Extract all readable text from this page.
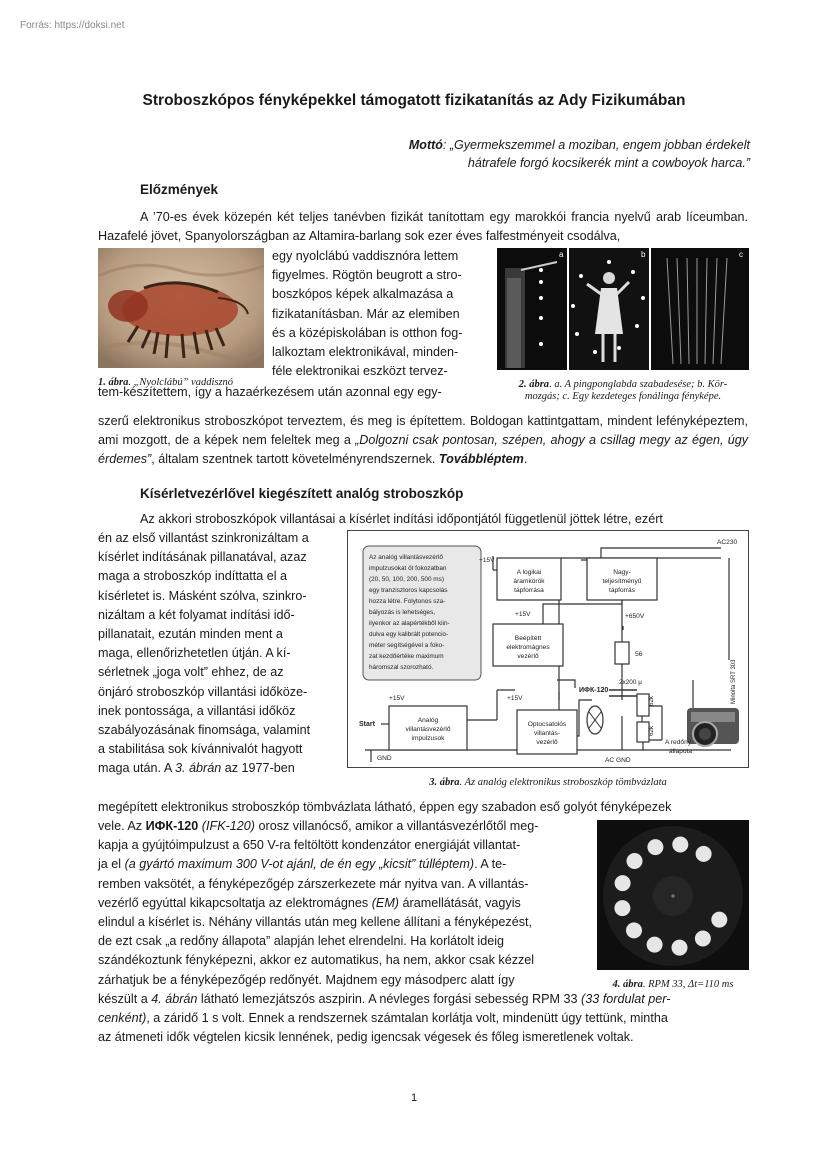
Forrás: https://doksi.net
Stroboszkópos fényképekkel támogatott fizikatanítás az Ady Fizikumában
Mottó: „Gyermekszemmel a moziban, engem jobban érdekelt
hátrafele forgó kocsikerék mint a cowboyok harca.”
Előzmények

A ’70-es évek közepén két teljes tanévben fizikát tanítottam egy marokkói francia nyelvű arab líceumban. Hazafelé jövet, Spanyolországban az Altamira-barlang sok ezer éves falfestményeit csodálva,

1. ábra. „Nyolclábú” vaddisznó

egy nyolclábú vaddisznóra lettem

figyelmes. Rögtön beugrott a stro-

boszkópos képek alkalmazása a

fizikatanításban. Már az elemiben

és a középiskolában is otthon fog-

lalkoztam elektronikával, minden-

féle elektronikai eszközt tervez-

a	b	c
2. ábra. a. A pingponglabda szabadesése; b. Kör-
mozgás; c. Egy kezdeteges fonálinga fényképe.

tem-készítettem, így a hazaérkezésem után azonnal egy egy-

szerű elektronikus stroboszkópot terveztem, és meg is építettem. Boldogan kattintgattam, mindent lefényképeztem, ami mozgott, de a képek nem feleltek meg a „Dolgozni csak pontosan, szépen, ahogy a csillag megy az égen, úgy érdemes”, általam szentnek tartott követelményrendszernek. Továbbléptem.

Kísérletvezérlővel kiegészített analóg stroboszkóp

Az akkori stroboszkópok villantásai a kísérlet indítási időpontjától függetlenül jöttek létre, ezért

én az első villantást szinkronizáltam a

kísérlet indításának pillanatával, azaz

maga a stroboszkóp indíttatta el a

kísérletet is. Másként szólva, szinkro-

nizáltam a két folyamat indítási idő-

pillanatait, ezután minden ment a

maga, ellenőrizhetetlen útján. A kí-

sérletnek „joga volt” ehhez, de az

önjáró stroboszkóp villantási időköze-

inek pontossága, a villantási időköz

szabályozásának finomsága, valamint

a stabilitása sok kívánnivalót hagyott

maga után. A 3. ábrán az 1977-ben

Az analóg villantásvezérlő
impulzusokat öt fokozatban
(20, 50, 100, 200, 500 ms)
egy tranzisztoros kapcsolás
hozza létre. Folytonos sza-
bályozás is lehetséges,
ilyenkor az alapértékből kiin-
dulva egy kalibrált potencio-
méter segítségével a foko-
zat kezdőértéke maximum
háromszal szorozható.
A logikai
áramkörök
tápforrása
Nagy-
teljesítményű
tápforrás
Beépített
elektromágnes
vezérlő
Analóg
villantásvezérlő
impulzusok
Optocsatolós
villantás-
vezérlő
56
2x200 µ
ИФК-120
62k
62k
Minolta SRT 303
+15V
+15V
+15V	+15V
+650V
AC230
GND	AC GND
A redőny
állapota
Start
3. ábra. Az analóg elektronikus stroboszkóp tömbvázlata

megépített elektronikus stroboszkóp tömbvázlata látható, éppen egy szabadon eső golyót fényképezek

vele. Az ИФК-120 (IFK-120) orosz villanócső, amikor a villantásvezérlőtől meg-

kapja a gyújtóimpulzust a 650 V-ra feltöltött kondenzátor energiáját villantat-

ja el (a gyártó maximum 300 V-ot ajánl, de én egy „kicsit” túlléptem). A te-

remben vaksötét, a fényképezőgép zárszerkezete már nyitva van. A villantás-

vezérlő egyúttal kikapcsoltatja az elektromágnes (EM) áramellátását, vagyis

elindul a kísérlet is. Néhány villantás után meg kellene állítani a fényképezést,

de ezt csak „a redőny állapota” alapján lehet elrendelni. Ha korlátolt ideig

szándékoztunk fényképezni, akkor ez automatikus, ha nem, akkor csak kézzel

zárhatjuk be a fényképezőgép redőnyét. Majdnem egy másodperc alatt így	4. ábra. RPM 33, Δt=110 ms

készült a 4. ábrán látható lemezjátszós aszpirin. A névleges forgási sebesség RPM 33 (33 fordulat per-

cenként), a záridő 1 s volt. Ennek a rendszernek számtalan korlátja volt, mindenütt úgy tettünk, mintha

az átmeneti idők végtelen kicsik lennének, pedig igencsak végesek és főleg ismeretlenek voltak.

1
